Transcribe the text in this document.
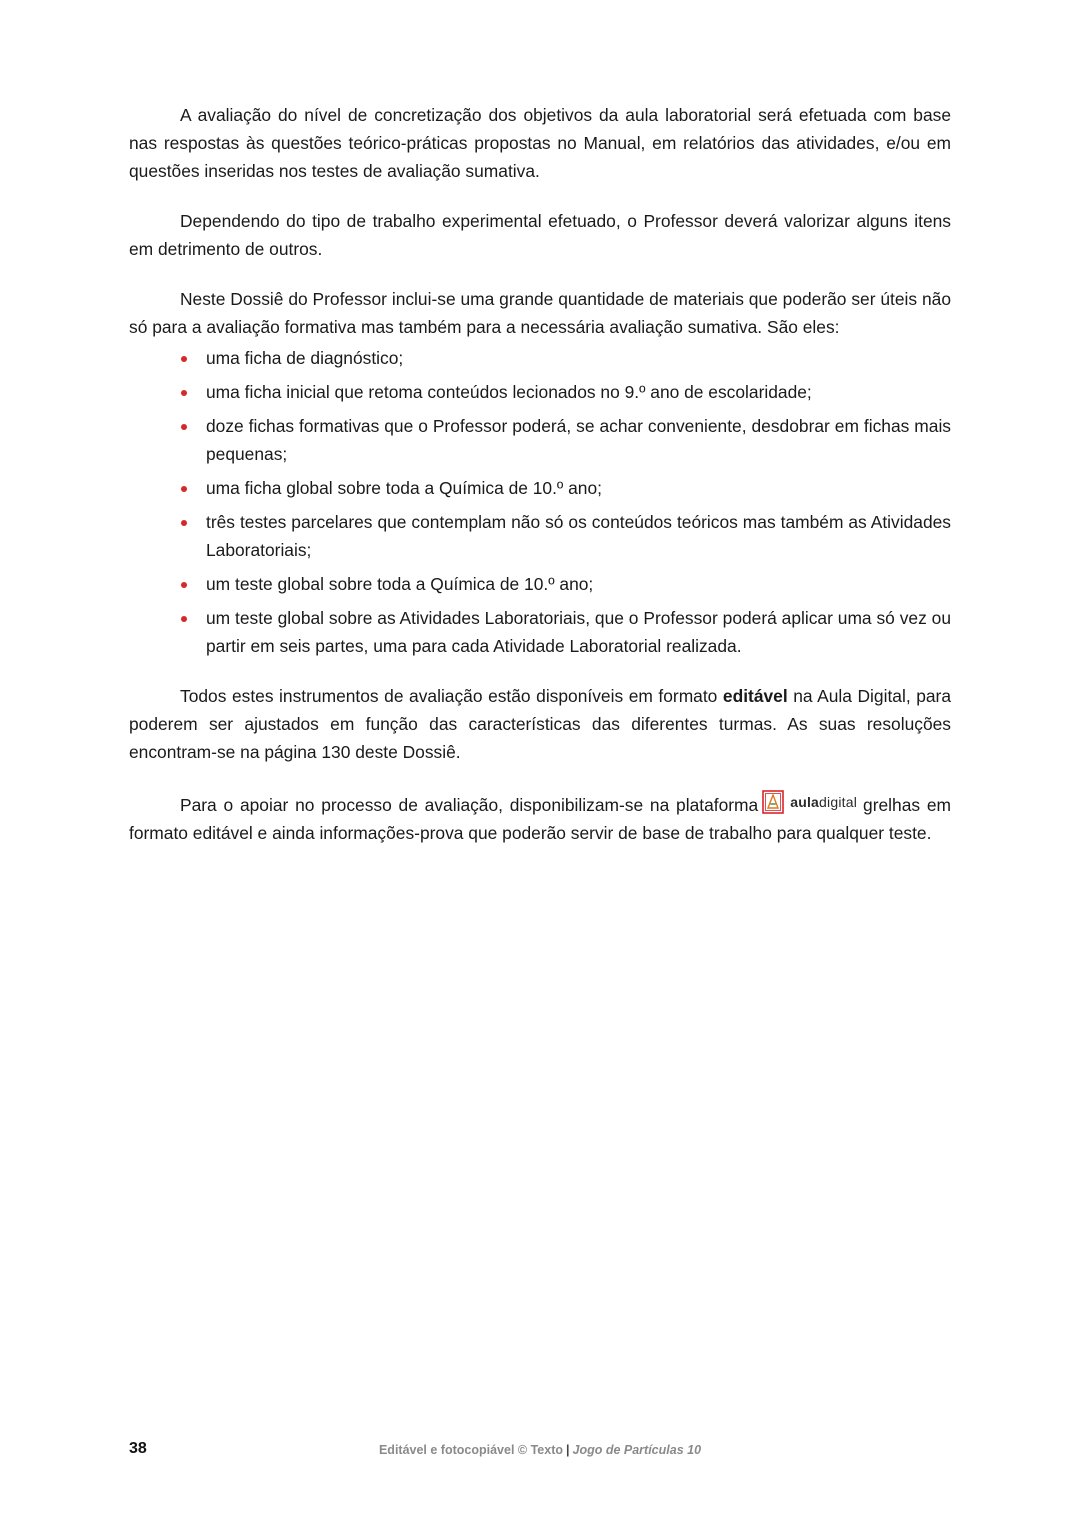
A avaliação do nível de concretização dos objetivos da aula laboratorial será efetuada com base nas respostas às questões teórico-práticas propostas no Manual, em relatórios das atividades, e/ou em questões inseridas nos testes de avaliação sumativa.

Dependendo do tipo de trabalho experimental efetuado, o Professor deverá valorizar alguns itens em detrimento de outros.

Neste Dossiê do Professor inclui-se uma grande quantidade de materiais que poderão ser úteis não só para a avaliação formativa mas também para a necessária avaliação sumativa. São eles:

uma ficha de diagnóstico;
uma ficha inicial que retoma conteúdos lecionados no 9.º ano de escolaridade;
doze fichas formativas que o Professor poderá, se achar conveniente, desdobrar em fichas mais pequenas;
uma ficha global sobre toda a Química de 10.º ano;
três testes parcelares que contemplam não só os conteúdos teóricos mas também as Atividades Laboratoriais;
um teste global sobre toda a Química de 10.º ano;
um teste global sobre as Atividades Laboratoriais, que o Professor poderá aplicar uma só vez ou partir em seis partes, uma para cada Atividade Laboratorial realizada.

Todos estes instrumentos de avaliação estão disponíveis em formato editável na Aula Digital, para poderem ser ajustados em função das características das diferentes turmas. As suas resoluções encontram-se na página 130 deste Dossiê.

Para o apoiar no processo de avaliação, disponibilizam-se na plataforma auladigital grelhas em formato editável e ainda informações-prova que poderão servir de base de trabalho para qualquer teste.

38	Editável e fotocopiável © Texto | Jogo de Partículas 10
